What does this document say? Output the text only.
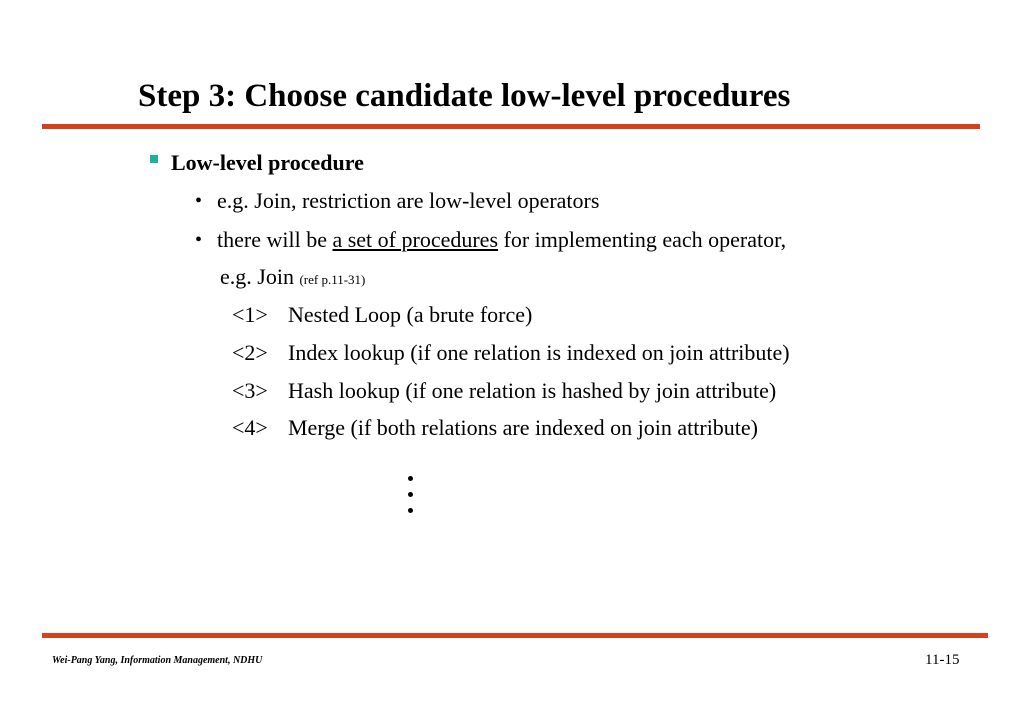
Step 3: Choose candidate low-level procedures
Low-level procedure
• e.g. Join, restriction are low-level operators
• there will be a set of procedures for implementing each operator,
e.g. Join (ref p.11-31)
<1> Nested Loop (a brute force)
<2> Index lookup (if one relation is indexed on join attribute)
<3> Hash lookup (if one relation is hashed by join attribute)
<4> Merge (if both relations are indexed on join attribute)
Wei-Pang Yang, Information Management, NDHU	11-15
